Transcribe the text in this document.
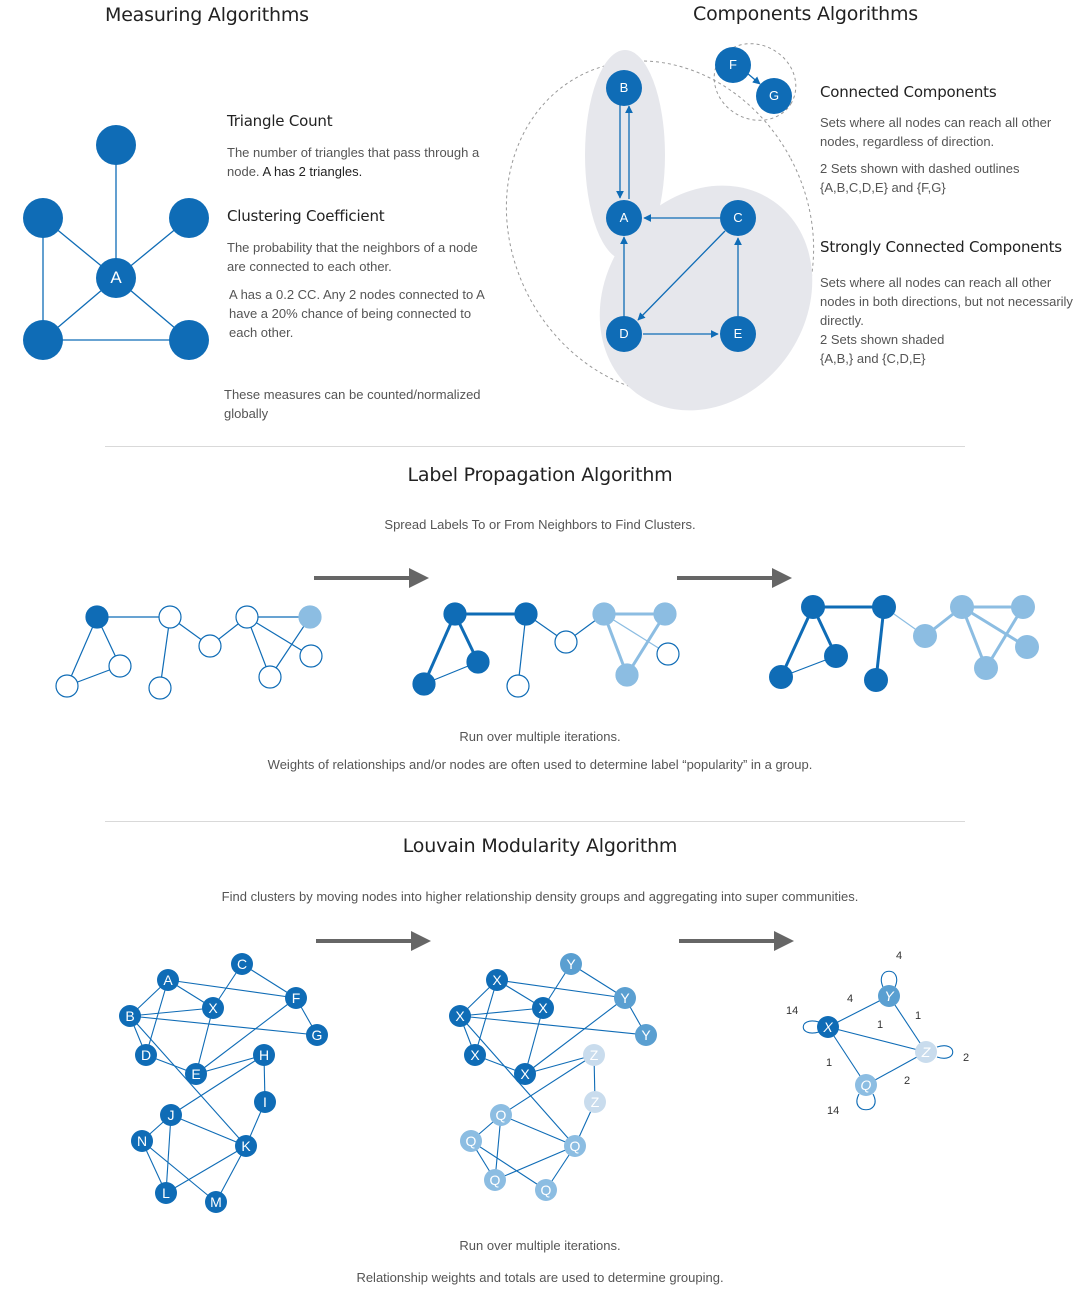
Measuring Algorithms
A
Triangle Count
The number of triangles that pass through a
node. A has 2 triangles.
Clustering Coefficient
The probability that the neighbors of a node
are connected to each other.
A has a 0.2 CC. Any 2 nodes connected to A
have a 20% chance of being connected to
each other.
These measures can be counted/normalized
globally
Components Algorithms
B
A	C
D	E
F
G	Connected Components
Sets where all nodes can reach all other
nodes, regardless of direction.
2 Sets shown with dashed outlines
{A,B,C,D,E} and {F,G}
Strongly Connected Components
Sets where all nodes can reach all other
nodes in both directions, but not necessarily
directly.
2 Sets shown shaded
{A,B,} and {C,D,E}
Label Propagation Algorithm
Spread Labels To or From Neighbors to Find Clusters.
Run over multiple iterations.
Weights of relationships and/or nodes are often used to determine label “popularity” in a group.
Louvain Modularity Algorithm
Find clusters by moving nodes into higher relationship density groups and aggregating into super communities.
A
B
C
D
E
F
G
H
I
J
K
L
M
N
X
X
X
X
X
X
Y
Y
Y
Z
Z
Q
Q	Q
Q
Q
X
Y
Z
Q
Run over multiple iterations.
Relationship weights and totals are used to determine grouping.
4
14
4
1
1
1	2
2
14
